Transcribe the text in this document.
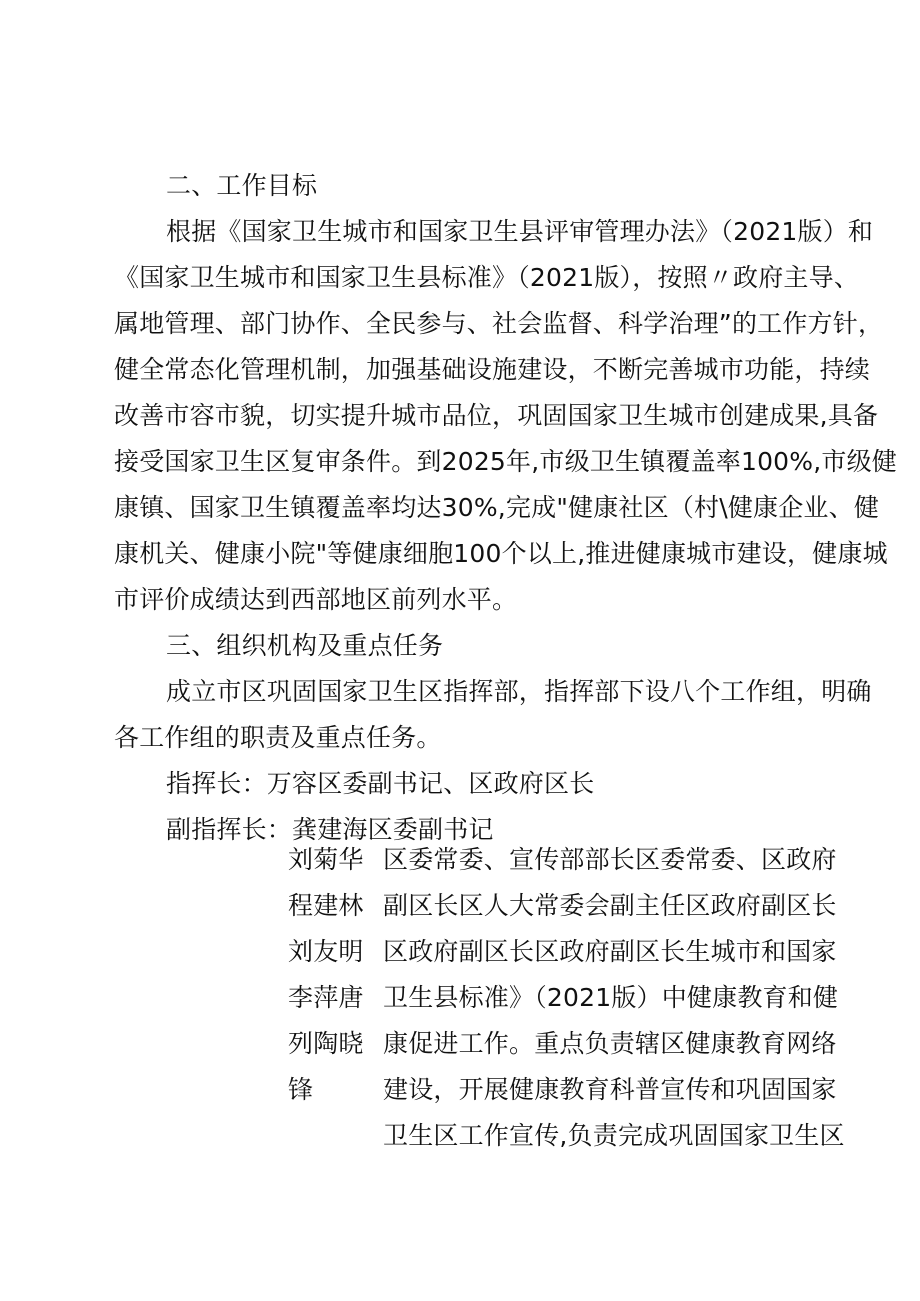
二、工作目标
根据《国家卫生城市和国家卫生县评审管理办法》（2021版）和
《国家卫生城市和国家卫生县标准》（2021版），按照〃政府主导、
属地管理、部门协作、全民参与、社会监督、科学治理”的工作方针，
健全常态化管理机制，加强基础设施建设，不断完善城市功能，持续
改善市容市貌，切实提升城市品位，巩固国家卫生城市创建成果,具备
接受国家卫生区复审条件。到2025年,市级卫生镇覆盖率100%,市级健
康镇、国家卫生镇覆盖率均达30%,完成"健康社区（村\健康企业、健
康机关、健康小院"等健康细胞100个以上,推进健康城市建设，健康城
市评价成绩达到西部地区前列水平。
三、组织机构及重点任务
成立市区巩固国家卫生区指挥部，指挥部下设八个工作组，明确
各工作组的职责及重点任务。
指挥长：万容区委副书记、区政府区长
副指挥长：龚建海区委副书记
刘菊华
程建林
刘友明
李萍唐
列陶晓
锋
区委常委、宣传部部长区委常委、区政府
副区长区人大常委会副主任区政府副区长
区政府副区长区政府副区长生城市和国家
卫生县标准》（2021版）中健康教育和健
康促进工作。重点负责辖区健康教育网络
建设，开展健康教育科普宣传和巩固国家
卫生区工作宣传,负责完成巩固国家卫生区
